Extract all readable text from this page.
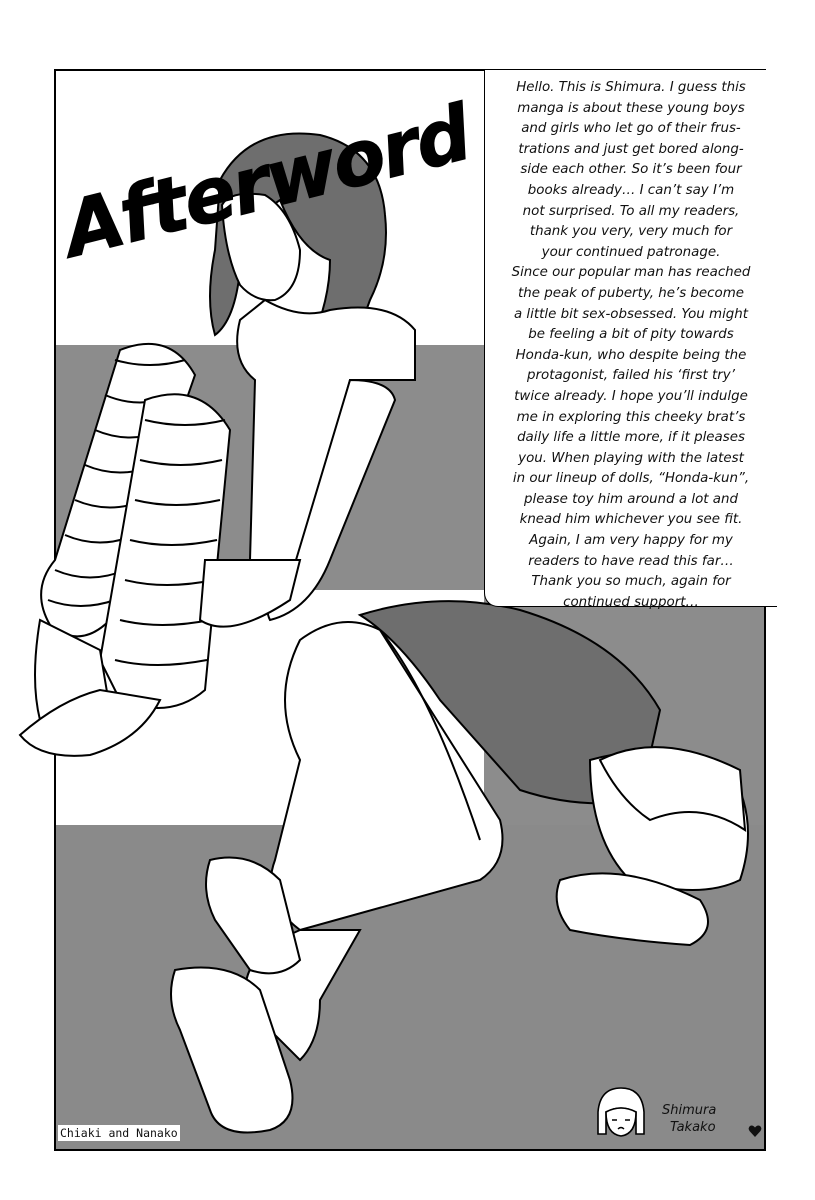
Afterword

Hello. This is Shimura. I guess this
manga is about these young boys
and girls who let go of their frus-
trations and just get bored along-
side each other. So it’s been four
books already… I can’t say I’m
not surprised. To all my readers,
thank you very, very much for
your continued patronage.
Since our popular man has reached
the peak of puberty, he’s become
a little bit sex-obsessed. You might
be feeling a bit of pity towards
Honda-kun, who despite being the
protagonist, failed his ‘first try’
twice already. I hope you’ll indulge
me in exploring this cheeky brat’s
daily life a little more, if it pleases
you. When playing with the latest
in our lineup of dolls, “Honda-kun”,
please toy him around a lot and
knead him whichever you see fit.
Again, I am very happy for my
readers to have read this far…
Thank you so much, again for
continued support…

Chiaki and Nanako
Shimura
Takako
